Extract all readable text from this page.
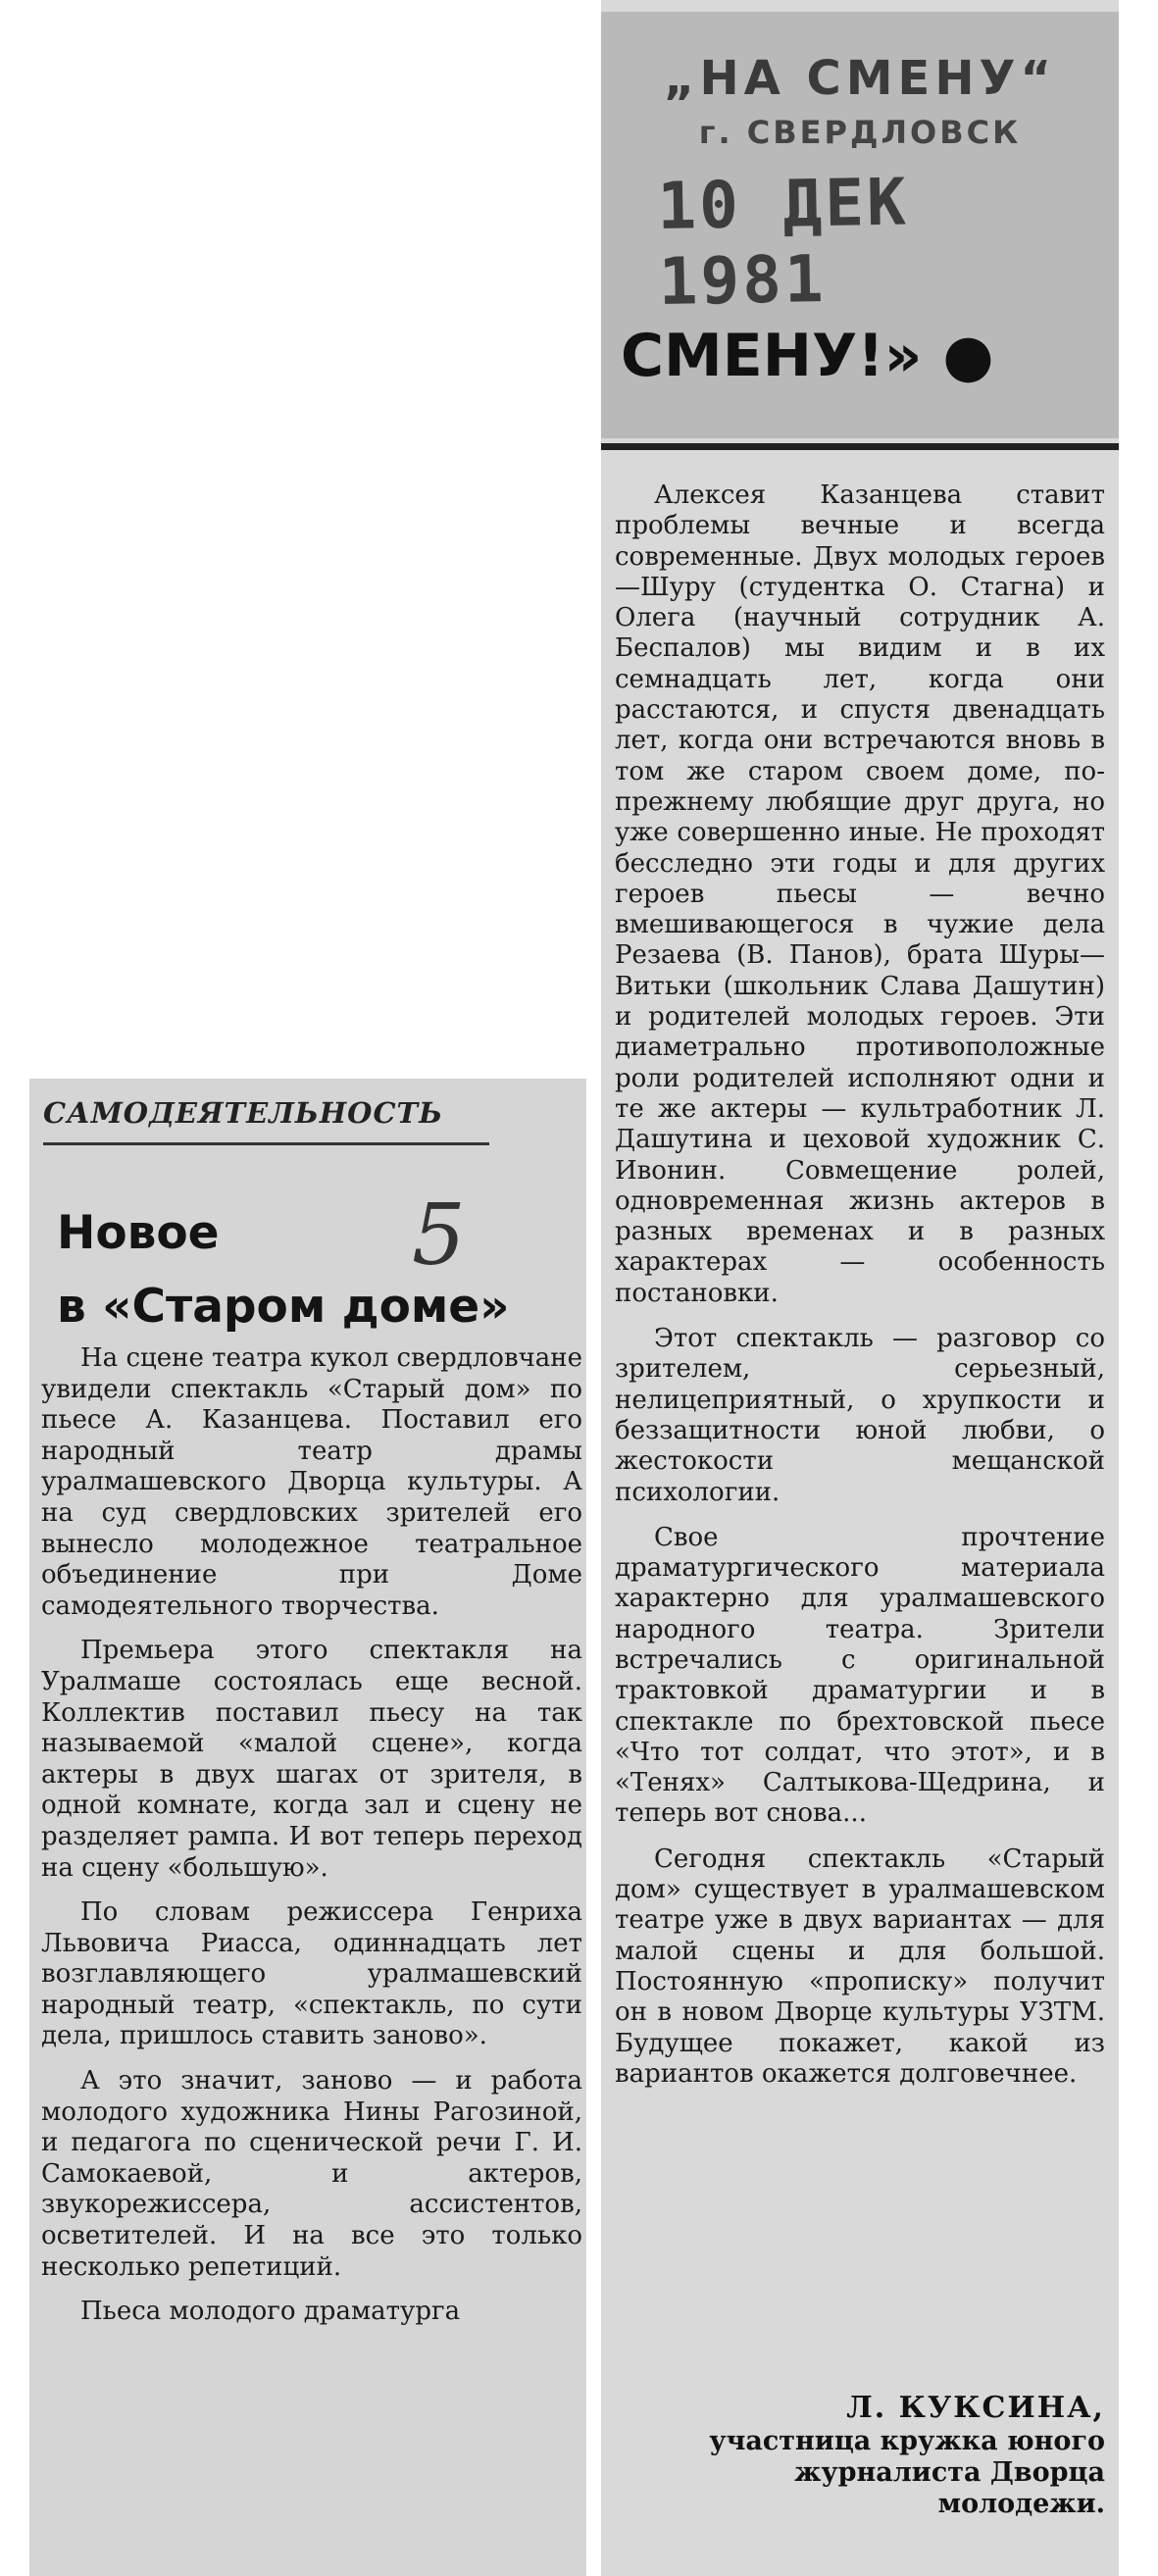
„НА СМЕНУ“
г. СВЕРДЛОВСК
10 ДЕК 1981
СМЕНУ!» ●

Алексея Казанцева ставит проблемы вечные и всегда современные. Двух молодых героев—Шуру (студентка О. Стагна) и Олега (научный сотрудник А. Беспалов) мы видим и в их семнадцать лет, когда они расстаются, и спустя двенадцать лет, когда они встречаются вновь в том же старом своем доме, по-прежнему любящие друг друга, но уже совершенно иные. Не проходят бесследно эти годы и для других героев пьесы — вечно вмешивающегося в чужие дела Резаева (В. Панов), брата Шуры—Витьки (школьник Слава Дашутин) и родителей молодых героев. Эти диаметрально противоположные роли родителей исполняют одни и те же актеры — культработник Л. Дашутина и цеховой художник С. Ивонин. Совмещение ролей, одновременная жизнь актеров в разных временах и в разных характерах — особенность постановки.

Этот спектакль — разговор со зрителем, серьезный, нелицеприятный, о хрупкости и беззащитности юной любви, о жестокости мещанской психологии.

Свое прочтение драматургического материала характерно для уралмашевского народного театра. Зрители встречались с оригинальной трактовкой драматургии и в спектакле по брехтовской пьесе «Что тот солдат, что этот», и в «Тенях» Салтыкова-Щедрина, и теперь вот снова...

Сегодня спектакль «Старый дом» существует в уралмашевском театре уже в двух вариантах — для малой сцены и для большой. Постоянную «прописку» получит он в новом Дворце культуры УЗТМ. Будущее покажет, какой из вариантов окажется долговечнее.

Л. КУКСИНА,
участница кружка юного
журналиста Дворца
молодежи.
САМОДЕЯТЕЛЬНОСТЬ
Новое
в «Старом доме»
5

На сцене театра кукол свердловчане увидели спектакль «Старый дом» по пьесе А. Казанцева. Поставил его народный театр драмы уралмашевского Дворца культуры. А на суд свердловских зрителей его вынесло молодежное театральное объединение при Доме самодеятельного творчества.

Премьера этого спектакля на Уралмаше состоялась еще весной. Коллектив поставил пьесу на так называемой «малой сцене», когда актеры в двух шагах от зрителя, в одной комнате, когда зал и сцену не разделяет рампа. И вот теперь переход на сцену «большую».

По словам режиссера Генриха Львовича Риасса, одиннадцать лет возглавляющего уралмашевский народный театр, «спектакль, по сути дела, пришлось ставить заново».

А это значит, заново — и работа молодого художника Нины Рагозиной, и педагога по сценической речи Г. И. Самокаевой, и актеров, звукорежиссера, ассистентов, осветителей. И на все это только несколько репетиций.

Пьеса молодого драматурга
